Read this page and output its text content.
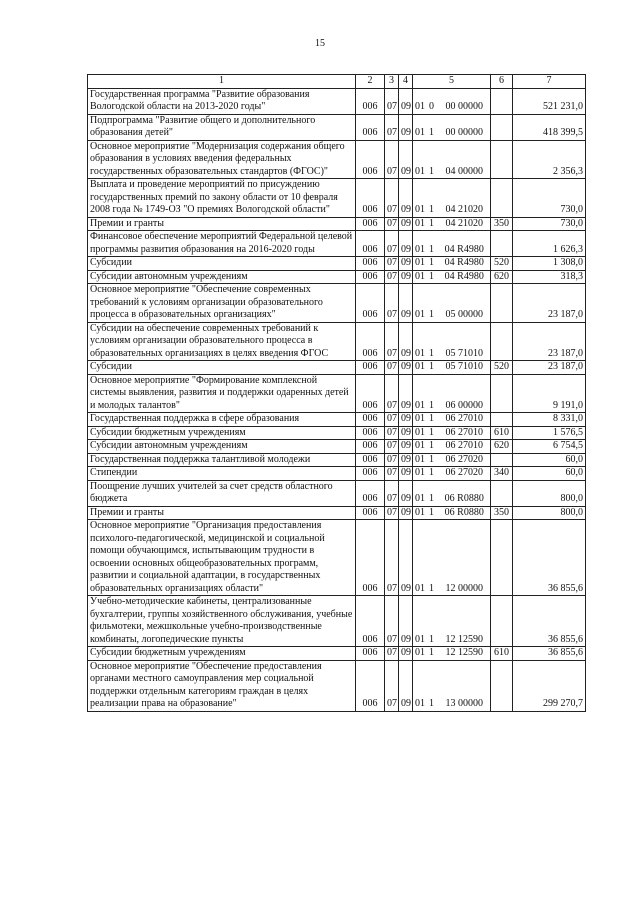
15
1	2	3	4	5			6	7
Государственная программа "Развитие образования Вологодской области на 2013-2020 годы"	006	07	09	01	0	00 00000		521 231,0
Подпрограмма "Развитие общего и дополнительного образования детей"	006	07	09	01	1	00 00000		418 399,5
Основное мероприятие "Модернизация содержания общего образования в условиях введения федеральных государственных образовательных стандартов (ФГОС)"	006	07	09	01	1	04 00000		2 356,3
Выплата и проведение мероприятий по присуждению государственных премий по закону области от 10 февраля 2008 года № 1749-ОЗ "О премиях Вологодской области"	006	07	09	01	1	04 21020		730,0
Премии и гранты	006	07	09	01	1	04 21020	350	730,0
Финансовое обеспечение мероприятий Федеральной целевой программы развития образования на 2016-2020 годы	006	07	09	01	1	04 R4980		1 626,3
Субсидии	006	07	09	01	1	04 R4980	520	1 308,0
Субсидии автономным учреждениям	006	07	09	01	1	04 R4980	620	318,3
Основное мероприятие "Обеспечение современных требований к условиям организации образовательного процесса в образовательных организациях"	006	07	09	01	1	05 00000		23 187,0
Субсидии на обеспечение современных требований к условиям организации образовательного процесса в образовательных организациях в целях введения ФГОС	006	07	09	01	1	05 71010		23 187,0
Субсидии	006	07	09	01	1	05 71010	520	23 187,0
Основное мероприятие "Формирование комплексной системы выявления, развития и поддержки одаренных детей и молодых талантов"	006	07	09	01	1	06 00000		9 191,0
Государственная поддержка в сфере образования	006	07	09	01	1	06 27010		8 331,0
Субсидии бюджетным учреждениям	006	07	09	01	1	06 27010	610	1 576,5
Субсидии автономным учреждениям	006	07	09	01	1	06 27010	620	6 754,5
Государственная поддержка талантливой молодежи	006	07	09	01	1	06 27020		60,0
Стипендии	006	07	09	01	1	06 27020	340	60,0
Поощрение лучших учителей за счет средств областного бюджета	006	07	09	01	1	06 R0880		800,0
Премии и гранты	006	07	09	01	1	06 R0880	350	800,0
Основное мероприятие "Организация предоставления психолого-педагогической, медицинской и социальной помощи обучающимся, испытывающим трудности в освоении основных общеобразовательных программ, развитии и социальной адаптации, в государственных образовательных организациях области"	006	07	09	01	1	12 00000		36 855,6
Учебно-методические кабинеты, централизованные бухгалтерии, группы хозяйственного обслуживания, учебные фильмотеки, межшкольные учебно-производственные комбинаты, логопедические пункты	006	07	09	01	1	12 12590		36 855,6
Субсидии бюджетным учреждениям	006	07	09	01	1	12 12590	610	36 855,6
Основное мероприятие "Обеспечение предоставления органами местного самоуправления мер социальной поддержки отдельным категориям граждан в целях реализации права на образование"	006	07	09	01	1	13 00000		299 270,7
